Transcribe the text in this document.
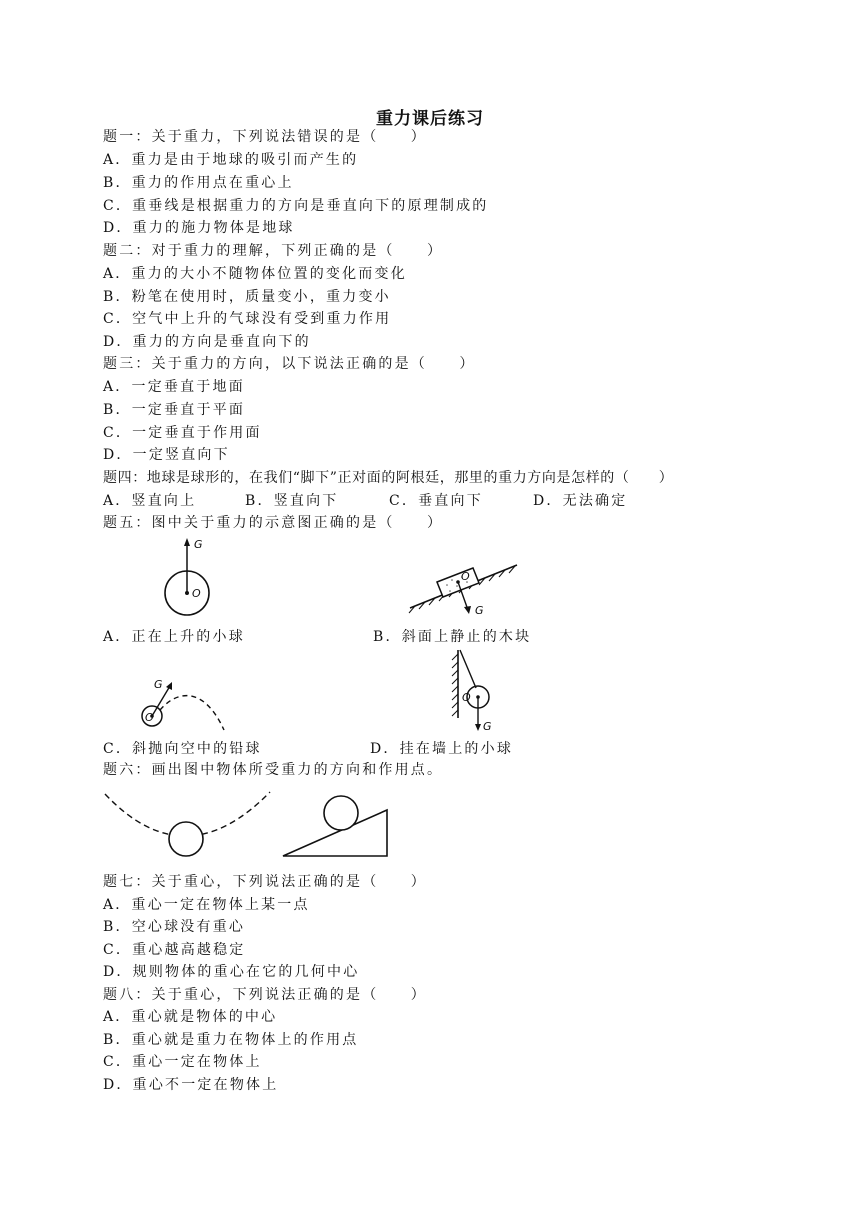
重力课后练习
题一：关于重力，下列说法错误的是（　　）
A．重力是由于地球的吸引而产生的
B．重力的作用点在重心上
C．重垂线是根据重力的方向是垂直向下的原理制成的
D．重力的施力物体是地球
题二：对于重力的理解，下列正确的是（　　）
A．重力的大小不随物体位置的变化而变化
B．粉笔在使用时，质量变小，重力变小
C．空气中上升的气球没有受到重力作用
D．重力的方向是垂直向下的
题三：关于重力的方向，以下说法正确的是（　　）
A．一定垂直于地面
B．一定垂直于平面
C．一定垂直于作用面
D．一定竖直向下
题四：地球是球形的，在我们“脚下”正对面的阿根廷，那里的重力方向是怎样的（　　）
A．竖直向上	B．竖直向下	C．垂直向下	D．无法确定
题五：图中关于重力的示意图正确的是（　　）
G
O
O
G
A．正在上升的小球	B．斜面上静止的木块
G
O
O
G
C．斜抛向空中的铅球	D．挂在墙上的小球
题六：画出图中物体所受重力的方向和作用点。
题七：关于重心，下列说法正确的是（　　）
A．重心一定在物体上某一点
B．空心球没有重心
C．重心越高越稳定
D．规则物体的重心在它的几何中心
题八：关于重心，下列说法正确的是（　　）
A．重心就是物体的中心
B．重心就是重力在物体上的作用点
C．重心一定在物体上
D．重心不一定在物体上
